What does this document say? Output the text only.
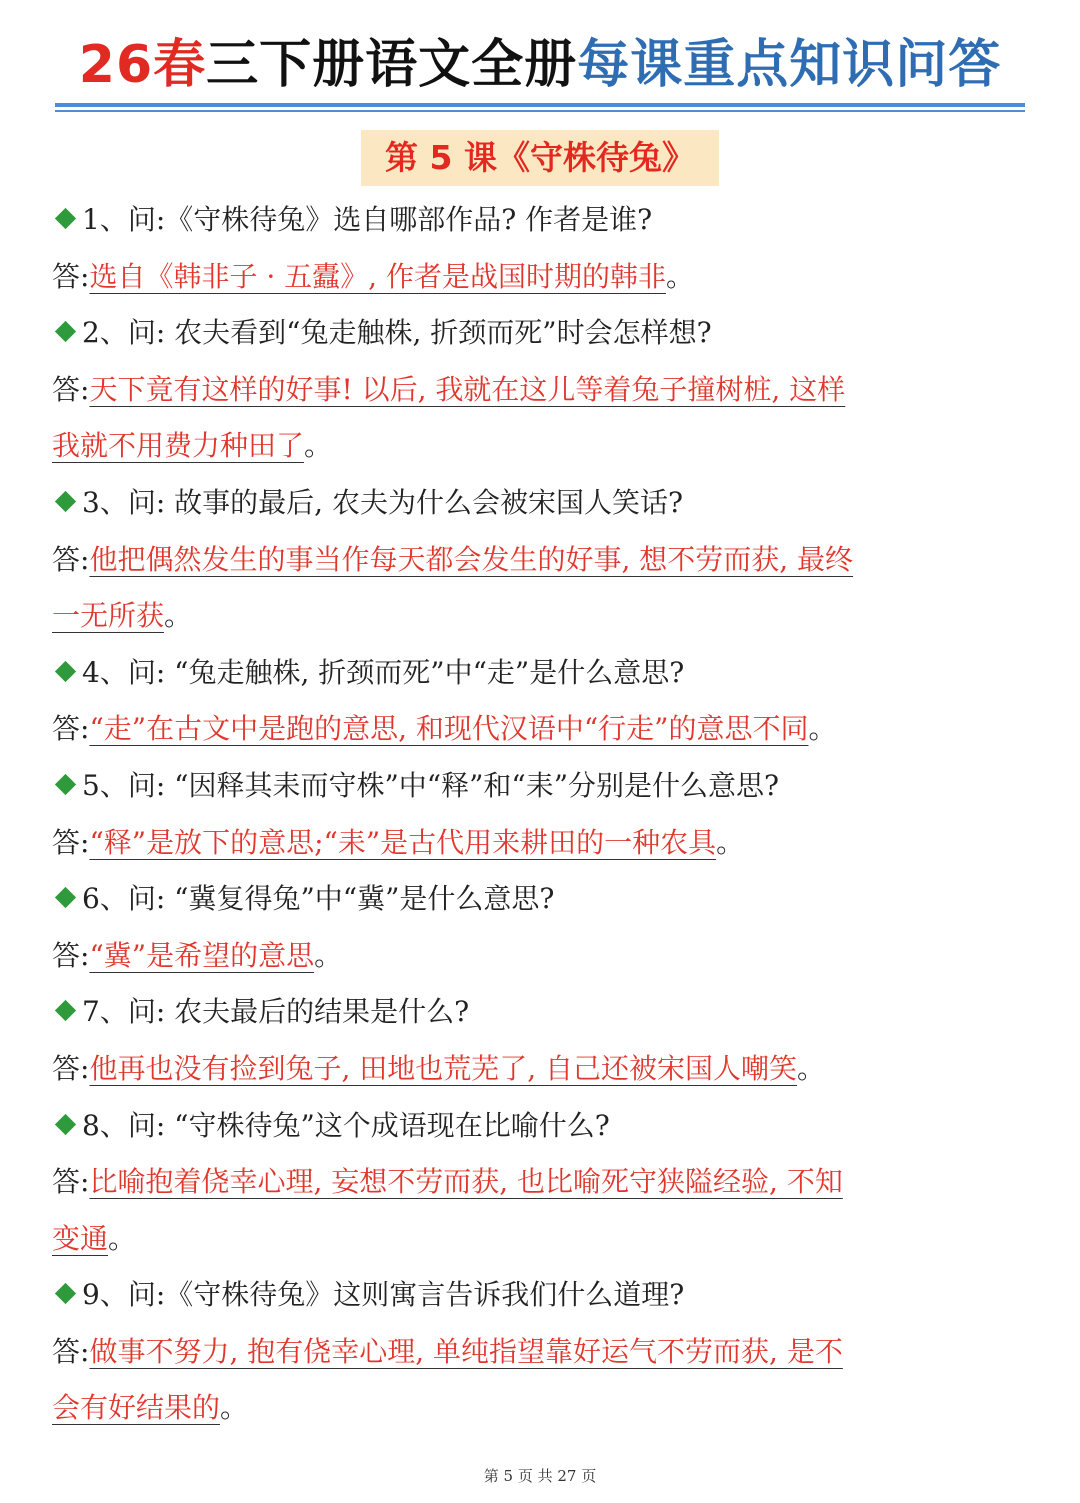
26春三下册语文全册每课重点知识问答
第 5 课《守株待兔》
1、问:《守株待兔》选自哪部作品? 作者是谁?
答:选自《韩非子 · 五蠹》, 作者是战国时期的韩非。
2、问: 农夫看到“兔走触株, 折颈而死”时会怎样想?
答:天下竟有这样的好事! 以后, 我就在这儿等着兔子撞树桩, 这样
我就不用费力种田了。
3、问: 故事的最后, 农夫为什么会被宋国人笑话?
答:他把偶然发生的事当作每天都会发生的好事, 想不劳而获, 最终
一无所获。
4、问: “兔走触株, 折颈而死”中“走”是什么意思?
答:“走”在古文中是跑的意思, 和现代汉语中“行走”的意思不同。
5、问: “因释其耒而守株”中“释”和“耒”分别是什么意思?
答:“释”是放下的意思;“耒”是古代用来耕田的一种农具。
6、问: “冀复得兔”中“冀”是什么意思?
答:“冀”是希望的意思。
7、问: 农夫最后的结果是什么?
答:他再也没有捡到兔子, 田地也荒芜了, 自己还被宋国人嘲笑。
8、问: “守株待兔”这个成语现在比喻什么?
答:比喻抱着侥幸心理, 妄想不劳而获, 也比喻死守狭隘经验, 不知
变通。
9、问:《守株待兔》这则寓言告诉我们什么道理?
答:做事不努力, 抱有侥幸心理, 单纯指望靠好运气不劳而获, 是不
会有好结果的。
第 5 页 共 27 页
